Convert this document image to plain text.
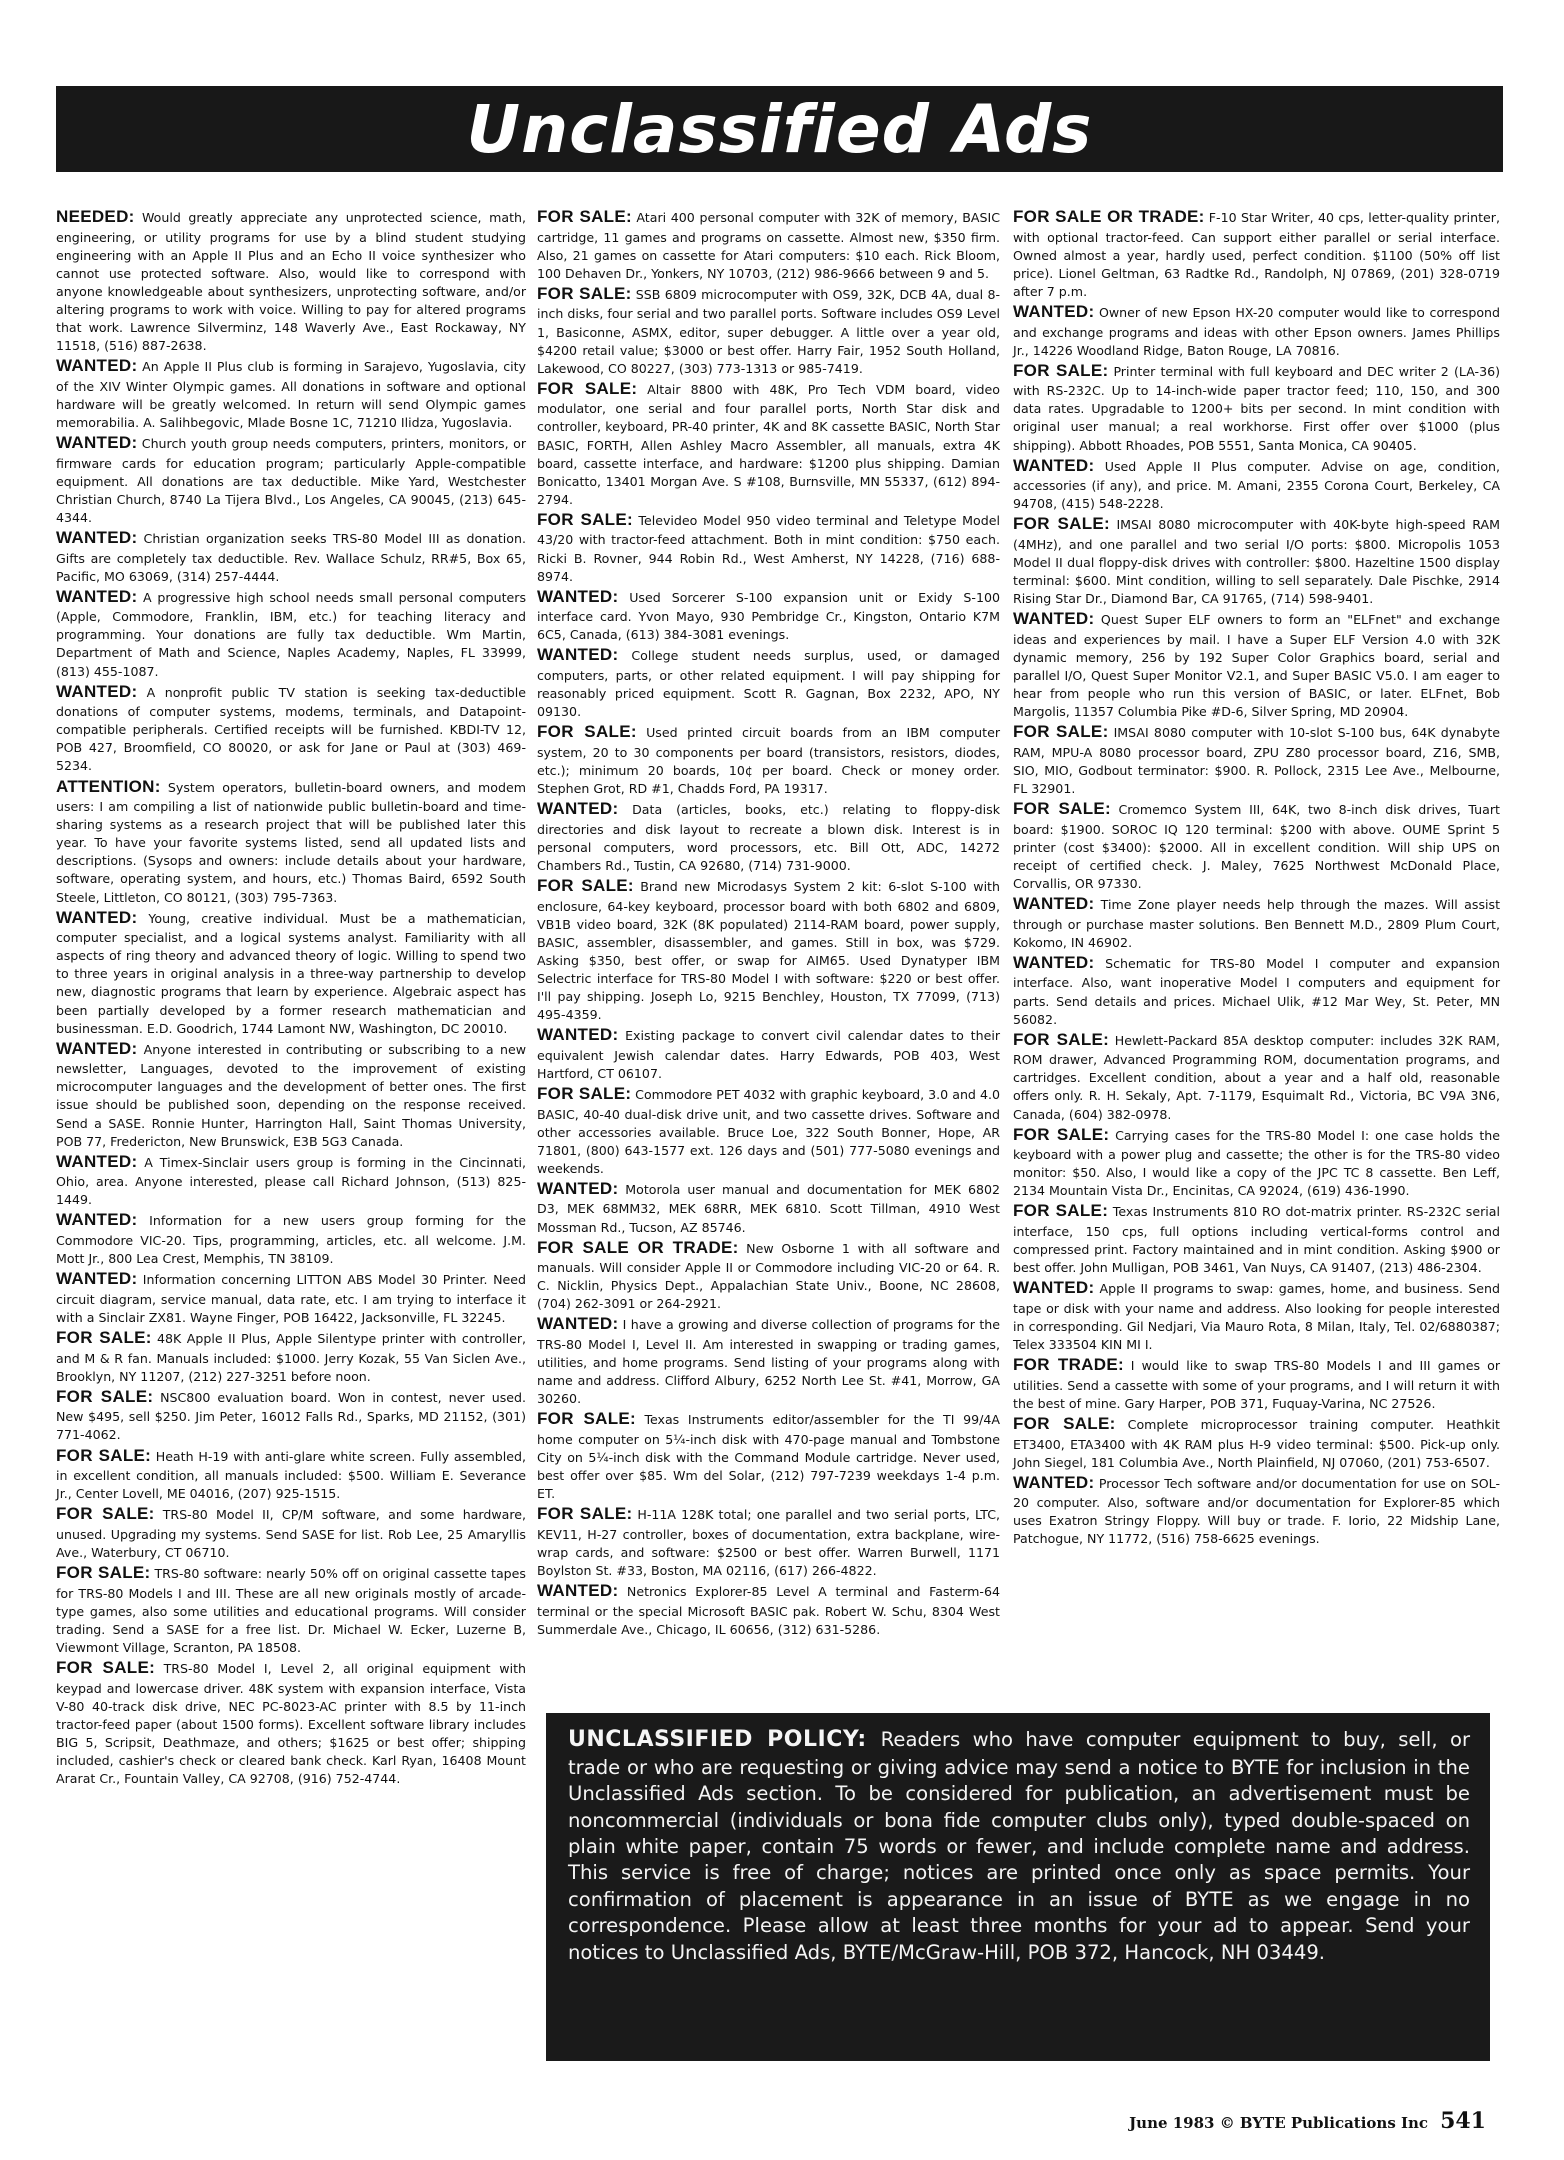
Unclassified Ads

NEEDED: Would greatly appreciate any unprotected science, math, engineering, or utility programs for use by a blind student studying engineering with an Apple II Plus and an Echo II voice synthesizer who cannot use protected software. Also, would like to correspond with anyone knowledgeable about synthesizers, unprotecting software, and/or altering programs to work with voice. Willing to pay for altered programs that work. Lawrence Silverminz, 148 Waverly Ave., East Rockaway, NY 11518, (516) 887-2638.

WANTED: An Apple II Plus club is forming in Sarajevo, Yugoslavia, city of the XIV Winter Olympic games. All donations in software and optional hardware will be greatly welcomed. In return will send Olympic games memorabilia. A. Salihbegovic, Mlade Bosne 1C, 71210 Ilidza, Yugoslavia.

WANTED: Church youth group needs computers, printers, monitors, or firmware cards for education program; particularly Apple-compatible equipment. All donations are tax deductible. Mike Yard, Westchester Christian Church, 8740 La Tijera Blvd., Los Angeles, CA 90045, (213) 645-4344.

WANTED: Christian organization seeks TRS-80 Model III as donation. Gifts are completely tax deductible. Rev. Wallace Schulz, RR#5, Box 65, Pacific, MO 63069, (314) 257-4444.

WANTED: A progressive high school needs small personal computers (Apple, Commodore, Franklin, IBM, etc.) for teaching literacy and programming. Your donations are fully tax deductible. Wm Martin, Department of Math and Science, Naples Academy, Naples, FL 33999, (813) 455-1087.

WANTED: A nonprofit public TV station is seeking tax-deductible donations of computer systems, modems, terminals, and Datapoint-compatible peripherals. Certified receipts will be furnished. KBDI-TV 12, POB 427, Broomfield, CO 80020, or ask for Jane or Paul at (303) 469-5234.

ATTENTION: System operators, bulletin-board owners, and modem users: I am compiling a list of nationwide public bulletin-board and time-sharing systems as a research project that will be published later this year. To have your favorite systems listed, send all updated lists and descriptions. (Sysops and owners: include details about your hardware, software, operating system, and hours, etc.) Thomas Baird, 6592 South Steele, Littleton, CO 80121, (303) 795-7363.

WANTED: Young, creative individual. Must be a mathematician, computer specialist, and a logical systems analyst. Familiarity with all aspects of ring theory and advanced theory of logic. Willing to spend two to three years in original analysis in a three-way partnership to develop new, diagnostic programs that learn by experience. Algebraic aspect has been partially developed by a former research mathematician and businessman. E.D. Goodrich, 1744 Lamont NW, Washington, DC 20010.

WANTED: Anyone interested in contributing or subscribing to a new newsletter, Languages, devoted to the improvement of existing microcomputer languages and the development of better ones. The first issue should be published soon, depending on the response received. Send a SASE. Ronnie Hunter, Harrington Hall, Saint Thomas University, POB 77, Fredericton, New Brunswick, E3B 5G3 Canada.

WANTED: A Timex-Sinclair users group is forming in the Cincinnati, Ohio, area. Anyone interested, please call Richard Johnson, (513) 825-1449.

WANTED: Information for a new users group forming for the Commodore VIC-20. Tips, programming, articles, etc. all welcome. J.M. Mott Jr., 800 Lea Crest, Memphis, TN 38109.

WANTED: Information concerning LITTON ABS Model 30 Printer. Need circuit diagram, service manual, data rate, etc. I am trying to interface it with a Sinclair ZX81. Wayne Finger, POB 16422, Jacksonville, FL 32245.

FOR SALE: 48K Apple II Plus, Apple Silentype printer with controller, and M & R fan. Manuals included: $1000. Jerry Kozak, 55 Van Siclen Ave., Brooklyn, NY 11207, (212) 227-3251 before noon.

FOR SALE: NSC800 evaluation board. Won in contest, never used. New $495, sell $250. Jim Peter, 16012 Falls Rd., Sparks, MD 21152, (301) 771-4062.

FOR SALE: Heath H-19 with anti-glare white screen. Fully assembled, in excellent condition, all manuals included: $500. William E. Severance Jr., Center Lovell, ME 04016, (207) 925-1515.

FOR SALE: TRS-80 Model II, CP/M software, and some hardware, unused. Upgrading my systems. Send SASE for list. Rob Lee, 25 Amaryllis Ave., Waterbury, CT 06710.

FOR SALE: TRS-80 software: nearly 50% off on original cassette tapes for TRS-80 Models I and III. These are all new originals mostly of arcade-type games, also some utilities and educational programs. Will consider trading. Send a SASE for a free list. Dr. Michael W. Ecker, Luzerne B, Viewmont Village, Scranton, PA 18508.

FOR SALE: TRS-80 Model I, Level 2, all original equipment with keypad and lowercase driver. 48K system with expansion interface, Vista V-80 40-track disk drive, NEC PC-8023-AC printer with 8.5 by 11-inch tractor-feed paper (about 1500 forms). Excellent software library includes BIG 5, Scripsit, Deathmaze, and others; $1625 or best offer; shipping included, cashier's check or cleared bank check. Karl Ryan, 16408 Mount Ararat Cr., Fountain Valley, CA 92708, (916) 752-4744.

FOR SALE: Atari 400 personal computer with 32K of memory, BASIC cartridge, 11 games and programs on cassette. Almost new, $350 firm. Also, 21 games on cassette for Atari computers: $10 each. Rick Bloom, 100 Dehaven Dr., Yonkers, NY 10703, (212) 986-9666 between 9 and 5.

FOR SALE: SSB 6809 microcomputer with OS9, 32K, DCB 4A, dual 8-inch disks, four serial and two parallel ports. Software includes OS9 Level 1, Basiconne, ASMX, editor, super debugger. A little over a year old, $4200 retail value; $3000 or best offer. Harry Fair, 1952 South Holland, Lakewood, CO 80227, (303) 773-1313 or 985-7419.

FOR SALE: Altair 8800 with 48K, Pro Tech VDM board, video modulator, one serial and four parallel ports, North Star disk and controller, keyboard, PR-40 printer, 4K and 8K cassette BASIC, North Star BASIC, FORTH, Allen Ashley Macro Assembler, all manuals, extra 4K board, cassette interface, and hardware: $1200 plus shipping. Damian Bonicatto, 13401 Morgan Ave. S #108, Burnsville, MN 55337, (612) 894-2794.

FOR SALE: Televideo Model 950 video terminal and Teletype Model 43/20 with tractor-feed attachment. Both in mint condition: $750 each. Ricki B. Rovner, 944 Robin Rd., West Amherst, NY 14228, (716) 688-8974.

WANTED: Used Sorcerer S-100 expansion unit or Exidy S-100 interface card. Yvon Mayo, 930 Pembridge Cr., Kingston, Ontario K7M 6C5, Canada, (613) 384-3081 evenings.

WANTED: College student needs surplus, used, or damaged computers, parts, or other related equipment. I will pay shipping for reasonably priced equipment. Scott R. Gagnan, Box 2232, APO, NY 09130.

FOR SALE: Used printed circuit boards from an IBM computer system, 20 to 30 components per board (transistors, resistors, diodes, etc.); minimum 20 boards, 10¢ per board. Check or money order. Stephen Grot, RD #1, Chadds Ford, PA 19317.

WANTED: Data (articles, books, etc.) relating to floppy-disk directories and disk layout to recreate a blown disk. Interest is in personal computers, word processors, etc. Bill Ott, ADC, 14272 Chambers Rd., Tustin, CA 92680, (714) 731-9000.

FOR SALE: Brand new Microdasys System 2 kit: 6-slot S-100 with enclosure, 64-key keyboard, processor board with both 6802 and 6809, VB1B video board, 32K (8K populated) 2114-RAM board, power supply, BASIC, assembler, disassembler, and games. Still in box, was $729. Asking $350, best offer, or swap for AIM65. Used Dynatyper IBM Selectric interface for TRS-80 Model I with software: $220 or best offer. I'll pay shipping. Joseph Lo, 9215 Benchley, Houston, TX 77099, (713) 495-4359.

WANTED: Existing package to convert civil calendar dates to their equivalent Jewish calendar dates. Harry Edwards, POB 403, West Hartford, CT 06107.

FOR SALE: Commodore PET 4032 with graphic keyboard, 3.0 and 4.0 BASIC, 40-40 dual-disk drive unit, and two cassette drives. Software and other accessories available. Bruce Loe, 322 South Bonner, Hope, AR 71801, (800) 643-1577 ext. 126 days and (501) 777-5080 evenings and weekends.

WANTED: Motorola user manual and documentation for MEK 6802 D3, MEK 68MM32, MEK 68RR, MEK 6810. Scott Tillman, 4910 West Mossman Rd., Tucson, AZ 85746.

FOR SALE OR TRADE: New Osborne 1 with all software and manuals. Will consider Apple II or Commodore including VIC-20 or 64. R. C. Nicklin, Physics Dept., Appalachian State Univ., Boone, NC 28608, (704) 262-3091 or 264-2921.

WANTED: I have a growing and diverse collection of programs for the TRS-80 Model I, Level II. Am interested in swapping or trading games, utilities, and home programs. Send listing of your programs along with name and address. Clifford Albury, 6252 North Lee St. #41, Morrow, GA 30260.

FOR SALE: Texas Instruments editor/assembler for the TI 99/4A home computer on 5¼-inch disk with 470-page manual and Tombstone City on 5¼-inch disk with the Command Module cartridge. Never used, best offer over $85. Wm del Solar, (212) 797-7239 weekdays 1-4 p.m. ET.

FOR SALE: H-11A 128K total; one parallel and two serial ports, LTC, KEV11, H-27 controller, boxes of documentation, extra backplane, wire-wrap cards, and software: $2500 or best offer. Warren Burwell, 1171 Boylston St. #33, Boston, MA 02116, (617) 266-4822.

WANTED: Netronics Explorer-85 Level A terminal and Fasterm-64 terminal or the special Microsoft BASIC pak. Robert W. Schu, 8304 West Summerdale Ave., Chicago, IL 60656, (312) 631-5286.

FOR SALE OR TRADE: F-10 Star Writer, 40 cps, letter-quality printer, with optional tractor-feed. Can support either parallel or serial interface. Owned almost a year, hardly used, perfect condition. $1100 (50% off list price). Lionel Geltman, 63 Radtke Rd., Randolph, NJ 07869, (201) 328-0719 after 7 p.m.

WANTED: Owner of new Epson HX-20 computer would like to correspond and exchange programs and ideas with other Epson owners. James Phillips Jr., 14226 Woodland Ridge, Baton Rouge, LA 70816.

FOR SALE: Printer terminal with full keyboard and DEC writer 2 (LA-36) with RS-232C. Up to 14-inch-wide paper tractor feed; 110, 150, and 300 data rates. Upgradable to 1200+ bits per second. In mint condition with original user manual; a real workhorse. First offer over $1000 (plus shipping). Abbott Rhoades, POB 5551, Santa Monica, CA 90405.

WANTED: Used Apple II Plus computer. Advise on age, condition, accessories (if any), and price. M. Amani, 2355 Corona Court, Berkeley, CA 94708, (415) 548-2228.

FOR SALE: IMSAI 8080 microcomputer with 40K-byte high-speed RAM (4MHz), and one parallel and two serial I/O ports: $800. Micropolis 1053 Model II dual floppy-disk drives with controller: $800. Hazeltine 1500 display terminal: $600. Mint condition, willing to sell separately. Dale Pischke, 2914 Rising Star Dr., Diamond Bar, CA 91765, (714) 598-9401.

WANTED: Quest Super ELF owners to form an "ELFnet" and exchange ideas and experiences by mail. I have a Super ELF Version 4.0 with 32K dynamic memory, 256 by 192 Super Color Graphics board, serial and parallel I/O, Quest Super Monitor V2.1, and Super BASIC V5.0. I am eager to hear from people who run this version of BASIC, or later. ELFnet, Bob Margolis, 11357 Columbia Pike #D-6, Silver Spring, MD 20904.

FOR SALE: IMSAI 8080 computer with 10-slot S-100 bus, 64K dynabyte RAM, MPU-A 8080 processor board, ZPU Z80 processor board, Z16, SMB, SIO, MIO, Godbout terminator: $900. R. Pollock, 2315 Lee Ave., Melbourne, FL 32901.

FOR SALE: Cromemco System III, 64K, two 8-inch disk drives, Tuart board: $1900. SOROC IQ 120 terminal: $200 with above. OUME Sprint 5 printer (cost $3400): $2000. All in excellent condition. Will ship UPS on receipt of certified check. J. Maley, 7625 Northwest McDonald Place, Corvallis, OR 97330.

WANTED: Time Zone player needs help through the mazes. Will assist through or purchase master solutions. Ben Bennett M.D., 2809 Plum Court, Kokomo, IN 46902.

WANTED: Schematic for TRS-80 Model I computer and expansion interface. Also, want inoperative Model I computers and equipment for parts. Send details and prices. Michael Ulik, #12 Mar Wey, St. Peter, MN 56082.

FOR SALE: Hewlett-Packard 85A desktop computer: includes 32K RAM, ROM drawer, Advanced Programming ROM, documentation programs, and cartridges. Excellent condition, about a year and a half old, reasonable offers only. R. H. Sekaly, Apt. 7-1179, Esquimalt Rd., Victoria, BC V9A 3N6, Canada, (604) 382-0978.

FOR SALE: Carrying cases for the TRS-80 Model I: one case holds the keyboard with a power plug and cassette; the other is for the TRS-80 video monitor: $50. Also, I would like a copy of the JPC TC 8 cassette. Ben Leff, 2134 Mountain Vista Dr., Encinitas, CA 92024, (619) 436-1990.

FOR SALE: Texas Instruments 810 RO dot-matrix printer. RS-232C serial interface, 150 cps, full options including vertical-forms control and compressed print. Factory maintained and in mint condition. Asking $900 or best offer. John Mulligan, POB 3461, Van Nuys, CA 91407, (213) 486-2304.

WANTED: Apple II programs to swap: games, home, and business. Send tape or disk with your name and address. Also looking for people interested in corresponding. Gil Nedjari, Via Mauro Rota, 8 Milan, Italy, Tel. 02/6880387; Telex 333504 KIN MI I.

FOR TRADE: I would like to swap TRS-80 Models I and III games or utilities. Send a cassette with some of your programs, and I will return it with the best of mine. Gary Harper, POB 371, Fuquay-Varina, NC 27526.

FOR SALE: Complete microprocessor training computer. Heathkit ET3400, ETA3400 with 4K RAM plus H-9 video terminal: $500. Pick-up only. John Siegel, 181 Columbia Ave., North Plainfield, NJ 07060, (201) 753-6507.

WANTED: Processor Tech software and/or documentation for use on SOL-20 computer. Also, software and/or documentation for Explorer-85 which uses Exatron Stringy Floppy. Will buy or trade. F. Iorio, 22 Midship Lane, Patchogue, NY 11772, (516) 758-6625 evenings.

UNCLASSIFIED POLICY: Readers who have computer equipment to buy, sell, or trade or who are requesting or giving advice may send a notice to BYTE for inclusion in the Unclassified Ads section. To be considered for publication, an advertisement must be noncommercial (individuals or bona fide computer clubs only), typed double-spaced on plain white paper, contain 75 words or fewer, and include complete name and address. This service is free of charge; notices are printed once only as space permits. Your confirmation of placement is appearance in an issue of BYTE as we engage in no correspondence. Please allow at least three months for your ad to appear. Send your notices to Unclassified Ads, BYTE/McGraw-Hill, POB 372, Hancock, NH 03449.
June 1983 © BYTE Publications Inc 541
